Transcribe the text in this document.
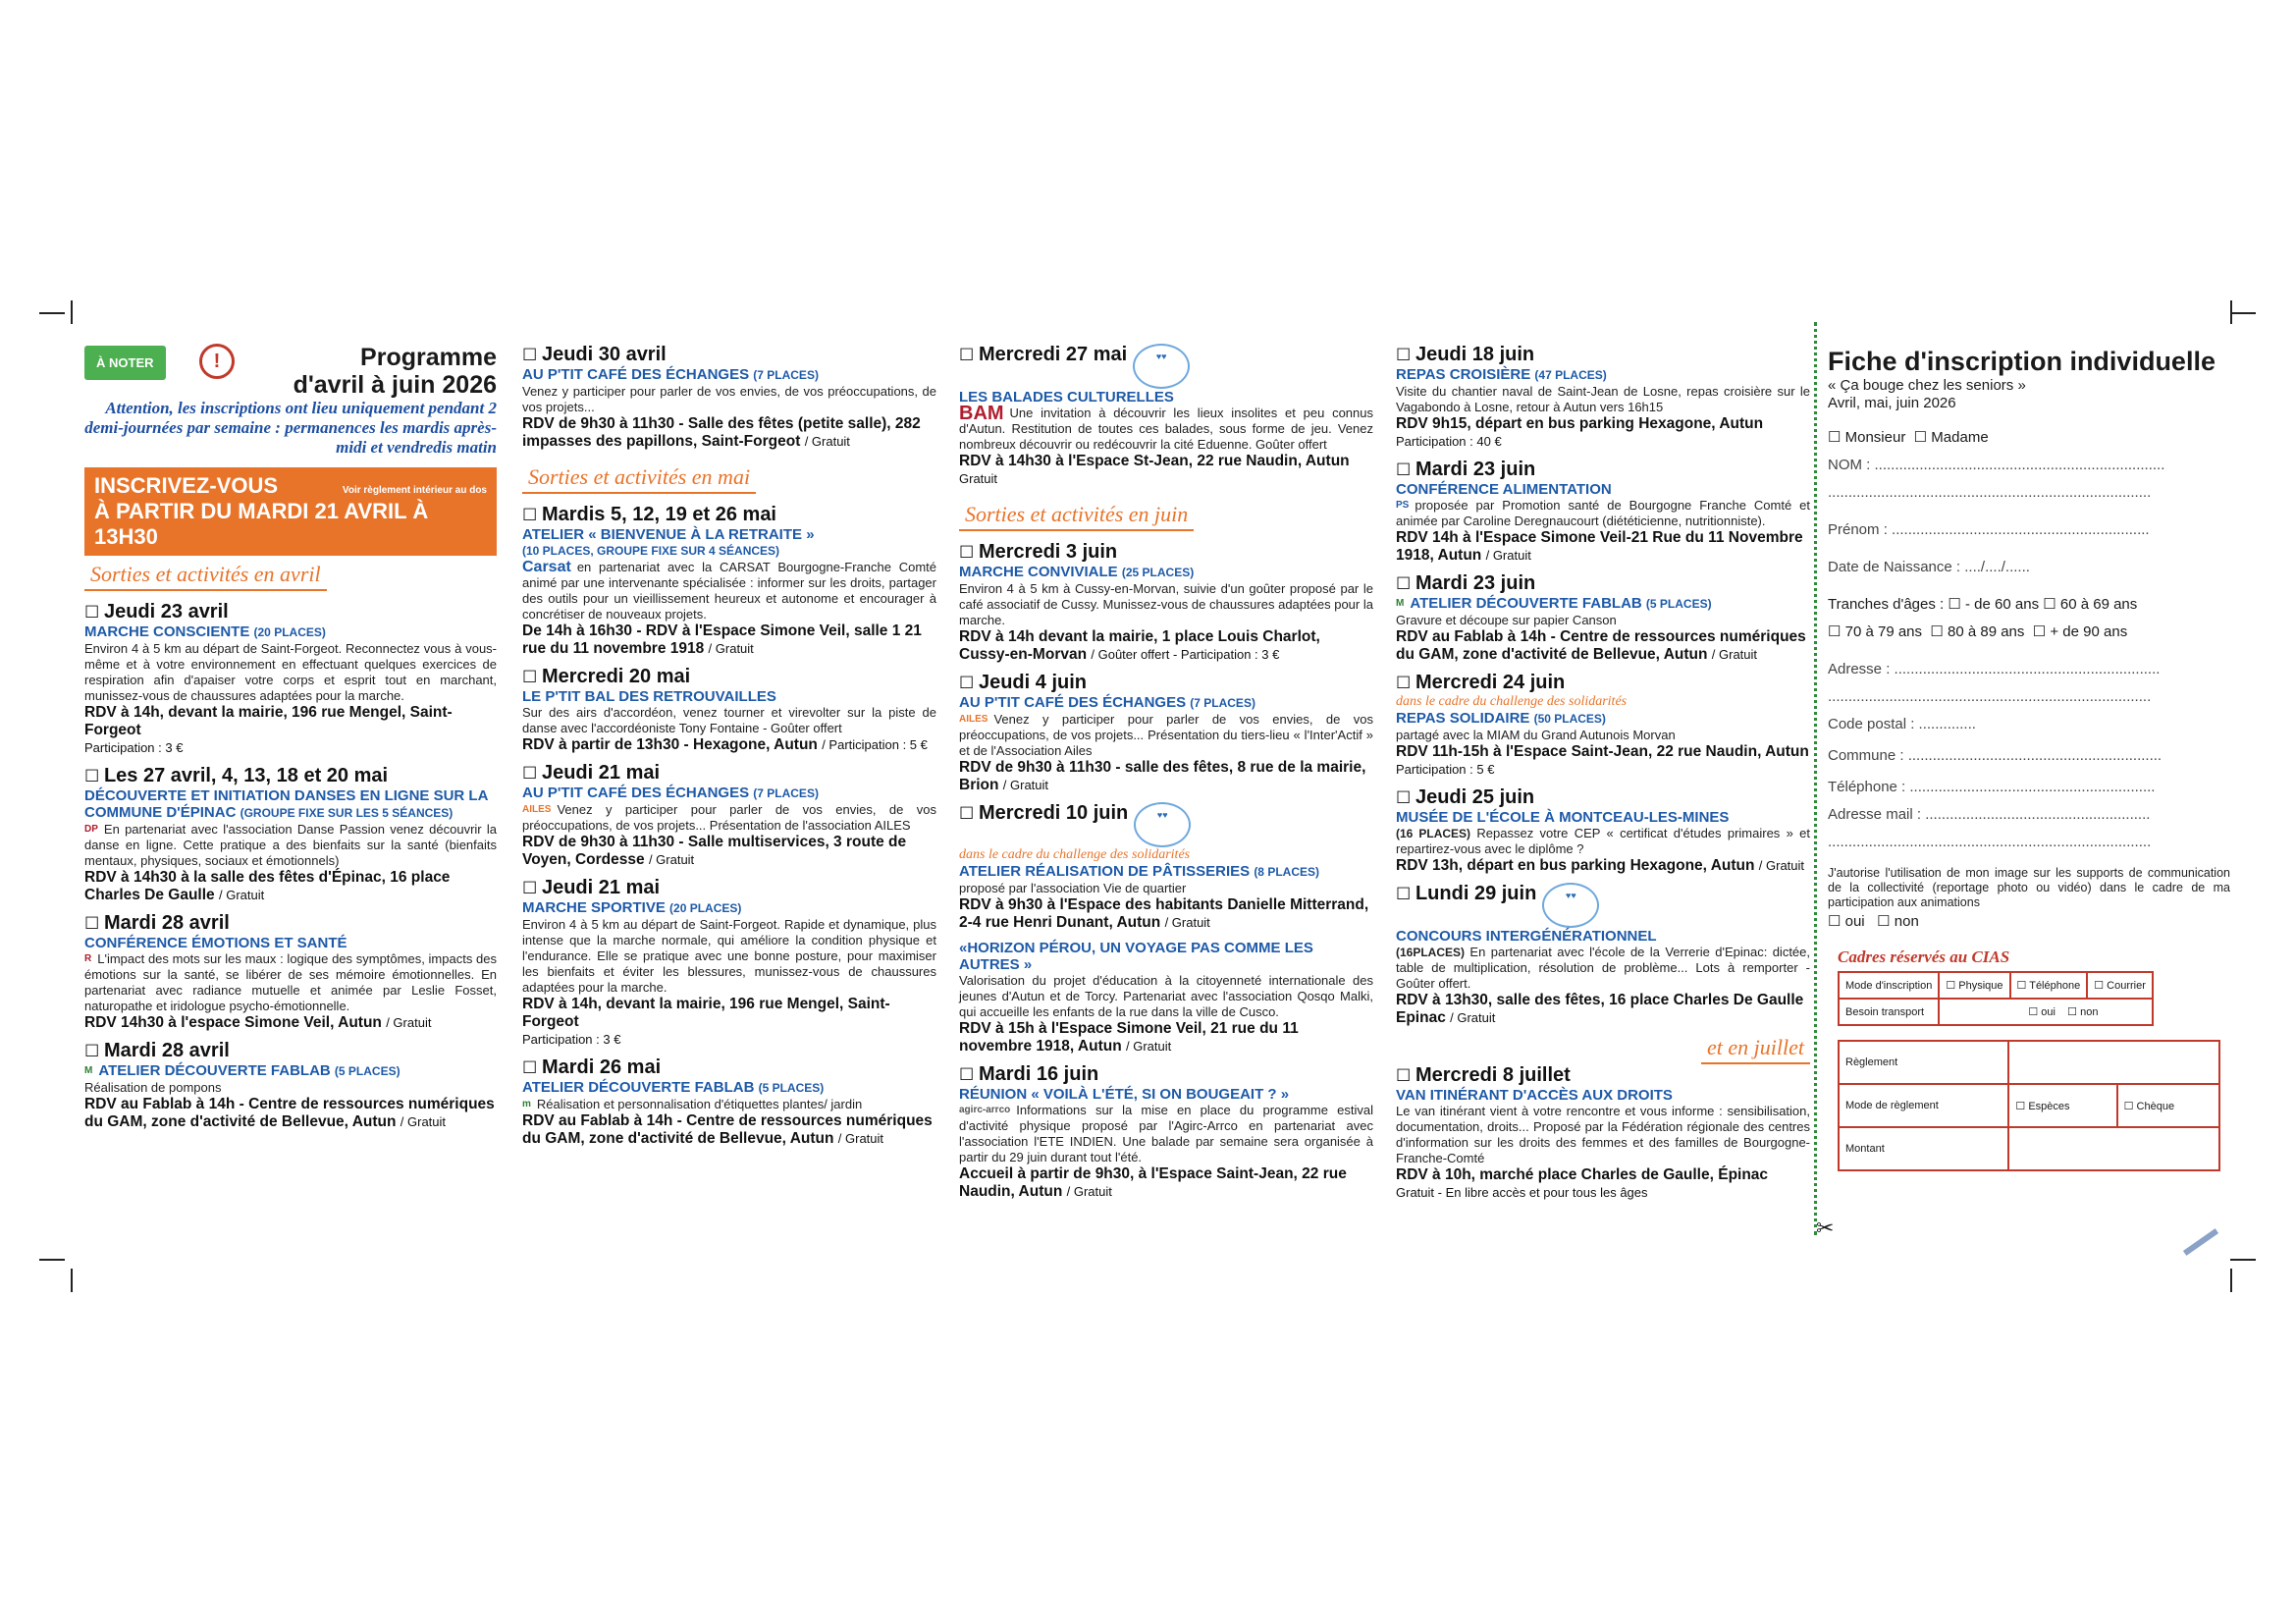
✂
À NOTER	!	Programme
d'avril à juin 2026
Attention, les inscriptions ont lieu uniquement pendant 2 demi-journées par semaine : permanences les mardis après-midi et vendredis matin
INSCRIVEZ-VOUS	Voir règlement intérieur au dos
À PARTIR DU MARDI 21 AVRIL À 13H30
Sorties et activités en avril
☐ Jeudi 23 avril
MARCHE CONSCIENTE (20 PLACES)
Environ 4 à 5 km au départ de Saint-Forgeot. Reconnectez vous à vous-même et à votre environnement en effectuant quelques exercices de respiration afin d'apaiser votre corps et esprit tout en marchant, munissez-vous de chaussures adaptées pour la marche.
RDV à 14h, devant la mairie, 196 rue Mengel, Saint-Forgeot
Participation : 3 €
☐ Les 27 avril, 4, 13, 18 et 20 mai
DÉCOUVERTE ET INITIATION DANSES EN LIGNE SUR LA COMMUNE D'ÉPINAC (GROUPE FIXE SUR LES 5 SÉANCES)
DP En partenariat avec l'association Danse Passion venez découvrir la danse en ligne. Cette pratique a des bienfaits sur la santé (bienfaits mentaux, physiques, sociaux et émotionnels)
RDV à 14h30 à la salle des fêtes d'Épinac, 16 place Charles De Gaulle / Gratuit
☐ Mardi 28 avril
CONFÉRENCE ÉMOTIONS ET SANTÉ
R L'impact des mots sur les maux : logique des symptômes, impacts des émotions sur la santé, se libérer de ses mémoire émotionnelles. En partenariat avec radiance mutuelle et animée par Leslie Fosset, naturopathe et iridologue psycho-émotionnelle.
RDV 14h30 à l'espace Simone Veil, Autun / Gratuit
☐ Mardi 28 avril
M ATELIER DÉCOUVERTE FABLAB (5 PLACES)
Réalisation de pompons
RDV au Fablab à 14h - Centre de ressources numériques du GAM, zone d'activité de Bellevue, Autun / Gratuit
☐ Jeudi 30 avril
AU P'TIT CAFÉ DES ÉCHANGES (7 PLACES)
Venez y participer pour parler de vos envies, de vos préoccupations, de vos projets...
RDV de 9h30 à 11h30 - Salle des fêtes (petite salle), 282 impasses des papillons, Saint-Forgeot / Gratuit
Sorties et activités en mai
☐ Mardis 5, 12, 19 et 26 mai
ATELIER « BIENVENUE À LA RETRAITE »
(10 PLACES, GROUPE FIXE SUR 4 SÉANCES)
Carsat en partenariat avec la CARSAT Bourgogne-Franche Comté animé par une intervenante spécialisée : informer sur les droits, partager des outils pour un vieillissement heureux et autonome et encourager à concrétiser de nouveaux projets.
De 14h à 16h30 - RDV à l'Espace Simone Veil, salle 1 21 rue du 11 novembre 1918 / Gratuit
☐ Mercredi 20 mai
LE P'TIT BAL DES RETROUVAILLES
Sur des airs d'accordéon, venez tourner et virevolter sur la piste de danse avec l'accordéoniste Tony Fontaine - Goûter offert
RDV à partir de 13h30 - Hexagone, Autun / Participation : 5 €
☐ Jeudi 21 mai
AU P'TIT CAFÉ DES ÉCHANGES (7 PLACES)
AILES Venez y participer pour parler de vos envies, de vos préoccupations, de vos projets... Présentation de l'association AILES
RDV de 9h30 à 11h30 - Salle multiservices, 3 route de Voyen, Cordesse / Gratuit
☐ Jeudi 21 mai
MARCHE SPORTIVE (20 PLACES)
Environ 4 à 5 km au départ de Saint-Forgeot. Rapide et dynamique, plus intense que la marche normale, qui améliore la condition physique et l'endurance. Elle se pratique avec une bonne posture, pour maximiser les bienfaits et éviter les blessures, munissez-vous de chaussures adaptées pour la marche.
RDV à 14h, devant la mairie, 196 rue Mengel, Saint-Forgeot
Participation : 3 €
☐ Mardi 26 mai
ATELIER DÉCOUVERTE FABLAB (5 PLACES)
m Réalisation et personnalisation d'étiquettes plantes/ jardin
RDV au Fablab à 14h - Centre de ressources numériques du GAM, zone d'activité de Bellevue, Autun / Gratuit
☐ Mercredi 27 mai	♥♥
LES BALADES CULTURELLES
BAM Une invitation à découvrir les lieux insolites et peu connus d'Autun. Restitution de toutes ces balades, sous forme de jeu. Venez nombreux découvrir ou redécouvrir la cité Eduenne. Goûter offert
RDV à 14h30 à l'Espace St-Jean, 22 rue Naudin, Autun
Gratuit
Sorties et activités en juin
☐ Mercredi 3 juin
MARCHE CONVIVIALE (25 PLACES)
Environ 4 à 5 km à Cussy-en-Morvan, suivie d'un goûter proposé par le café associatif de Cussy. Munissez-vous de chaussures adaptées pour la marche.
RDV à 14h devant la mairie, 1 place Louis Charlot, Cussy-en-Morvan / Goûter offert - Participation : 3 €
☐ Jeudi 4 juin
AU P'TIT CAFÉ DES ÉCHANGES (7 PLACES)
AILES Venez y participer pour parler de vos envies, de vos préoccupations, de vos projets... Présentation du tiers-lieu « l'Inter'Actif » et de l'Association Ailes
RDV de 9h30 à 11h30 - salle des fêtes, 8 rue de la mairie, Brion / Gratuit
☐ Mercredi 10 juin	♥♥
dans le cadre du challenge des solidarités
ATELIER RÉALISATION DE PÂTISSERIES (8 PLACES)
proposé par l'association Vie de quartier
RDV à 9h30 à l'Espace des habitants Danielle Mitterrand, 2-4 rue Henri Dunant, Autun / Gratuit
«HORIZON PÉROU, UN VOYAGE PAS COMME LES AUTRES »
Valorisation du projet d'éducation à la citoyenneté internationale des jeunes d'Autun et de Torcy. Partenariat avec l'association Qosqo Malki, qui accueille les enfants de la rue dans la ville de Cusco.
RDV à 15h à l'Espace Simone Veil, 21 rue du 11 novembre 1918, Autun / Gratuit
☐ Mardi 16 juin
RÉUNION « VOILÀ L'ÉTÉ, SI ON BOUGEAIT ? »
agirc-arrco Informations sur la mise en place du programme estival d'activité physique proposé par l'Agirc-Arrco en partenariat avec l'association l'ETE INDIEN. Une balade par semaine sera organisée à partir du 29 juin durant tout l'été.
Accueil à partir de 9h30, à l'Espace Saint-Jean, 22 rue Naudin, Autun / Gratuit
☐ Jeudi 18 juin
REPAS CROISIÈRE (47 PLACES)
Visite du chantier naval de Saint-Jean de Losne, repas croisière sur le Vagabondo à Losne, retour à Autun vers 16h15
RDV 9h15, départ en bus parking Hexagone, Autun
Participation : 40 €
☐ Mardi 23 juin
CONFÉRENCE ALIMENTATION
PS proposée par Promotion santé de Bourgogne Franche Comté et animée par Caroline Deregnaucourt (diététicienne, nutritionniste).
RDV 14h à l'Espace Simone Veil-21 Rue du 11 Novembre 1918, Autun / Gratuit
☐ Mardi 23 juin
M ATELIER DÉCOUVERTE FABLAB (5 PLACES)
Gravure et découpe sur papier Canson
RDV au Fablab à 14h - Centre de ressources numériques du GAM, zone d'activité de Bellevue, Autun / Gratuit
☐ Mercredi 24 juin
dans le cadre du challenge des solidarités
REPAS SOLIDAIRE (50 PLACES)
partagé avec la MIAM du Grand Autunois Morvan
RDV 11h-15h à l'Espace Saint-Jean, 22 rue Naudin, Autun
Participation : 5 €
☐ Jeudi 25 juin
MUSÉE DE L'ÉCOLE À MONTCEAU-LES-MINES
(16 PLACES) Repassez votre CEP « certificat d'études primaires » et repartirez-vous avec le diplôme ?
RDV 13h, départ en bus parking Hexagone, Autun / Gratuit
☐ Lundi 29 juin	♥♥
CONCOURS INTERGÉNÉRATIONNEL
(16PLACES) En partenariat avec l'école de la Verrerie d'Epinac: dictée, table de multiplication, résolution de problème... Lots à remporter - Goûter offert.
RDV à 13h30, salle des fêtes, 16 place Charles De Gaulle Epinac / Gratuit
et en juillet
☐ Mercredi 8 juillet
VAN ITINÉRANT D'ACCÈS AUX DROITS
Le van itinérant vient à votre rencontre et vous informe : sensibilisation, documentation, droits... Proposé par la Fédération régionale des centres d'information sur les droits des femmes et des familles de Bourgogne-Franche-Comté
RDV à 10h, marché place Charles de Gaulle, Épinac
Gratuit - En libre accès et pour tous les âges
Fiche d'inscription individuelle
« Ça bouge chez les seniors »
Avril, mai, juin 2026
☐ Monsieur ☐ Madame
NOM : .......................................................................
...............................................................................
Prénom : ...............................................................
Date de Naissance : ..../..../......
Tranches d'âges : ☐ - de 60 ans ☐ 60 à 69 ans
☐ 70 à 79 ans ☐ 80 à 89 ans ☐ + de 90 ans
Adresse : .................................................................
...............................................................................
Code postal : ..............
Commune : ..............................................................
Téléphone : ............................................................
Adresse mail : .......................................................
...............................................................................
J'autorise l'utilisation de mon image sur les supports de communication de la collectivité (reportage photo ou vidéo) dans le cadre de ma participation aux animations
☐ oui ☐ non
Cadres réservés au CIAS
Mode d'inscription	☐ Physique	☐ Téléphone	☐ Courrier
Besoin transport	☐ oui    ☐ non		
Règlement		
Mode de règlement	☐ Espèces	☐ Chèque
Montant		
